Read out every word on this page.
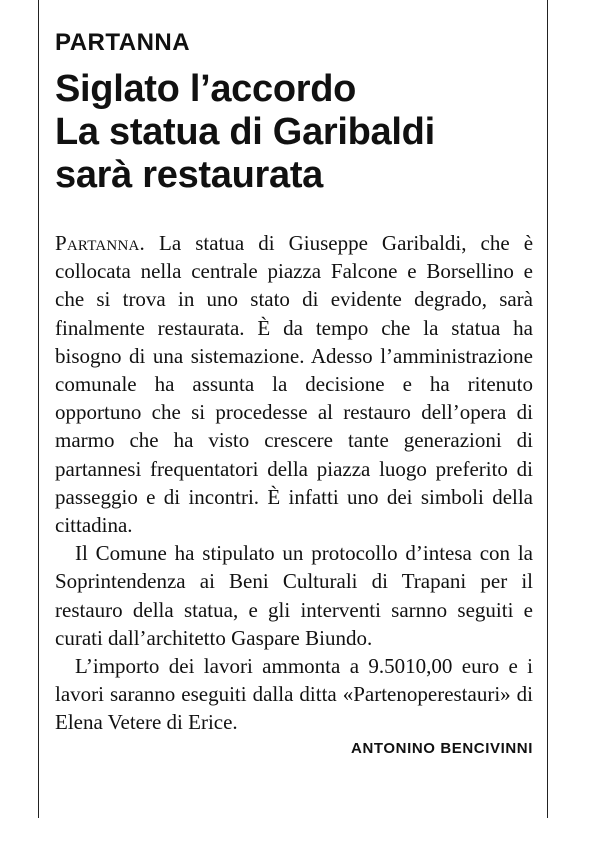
PARTANNA
Siglato l’accordo
La statua di Garibaldi
sarà restaurata

Partanna. La statua di Giuseppe Garibaldi, che è collocata nella centrale piazza Falcone e Borsellino e che si trova in uno stato di evidente degrado, sarà finalmente restaurata. È da tempo che la statua ha bisogno di una sistemazione. Adesso l’amministrazione comunale ha assunta la decisione e ha ritenuto opportuno che si procedesse al restauro dell’opera di marmo che ha visto crescere tante generazioni di partannesi frequentatori della piazza luogo preferito di passeggio e di incontri. È infatti uno dei simboli della cittadina.

Il Comune ha stipulato un protocollo d’intesa con la Soprintendenza ai Beni Culturali di Trapani per il restauro della statua, e gli interventi sarnno seguiti e curati dall’architetto Gaspare Biundo.

L’importo dei lavori ammonta a 9.5010,00 euro e i lavori saranno eseguiti dalla ditta «Partenoperestauri» di Elena Vetere di Erice.

ANTONINO BENCIVINNI
